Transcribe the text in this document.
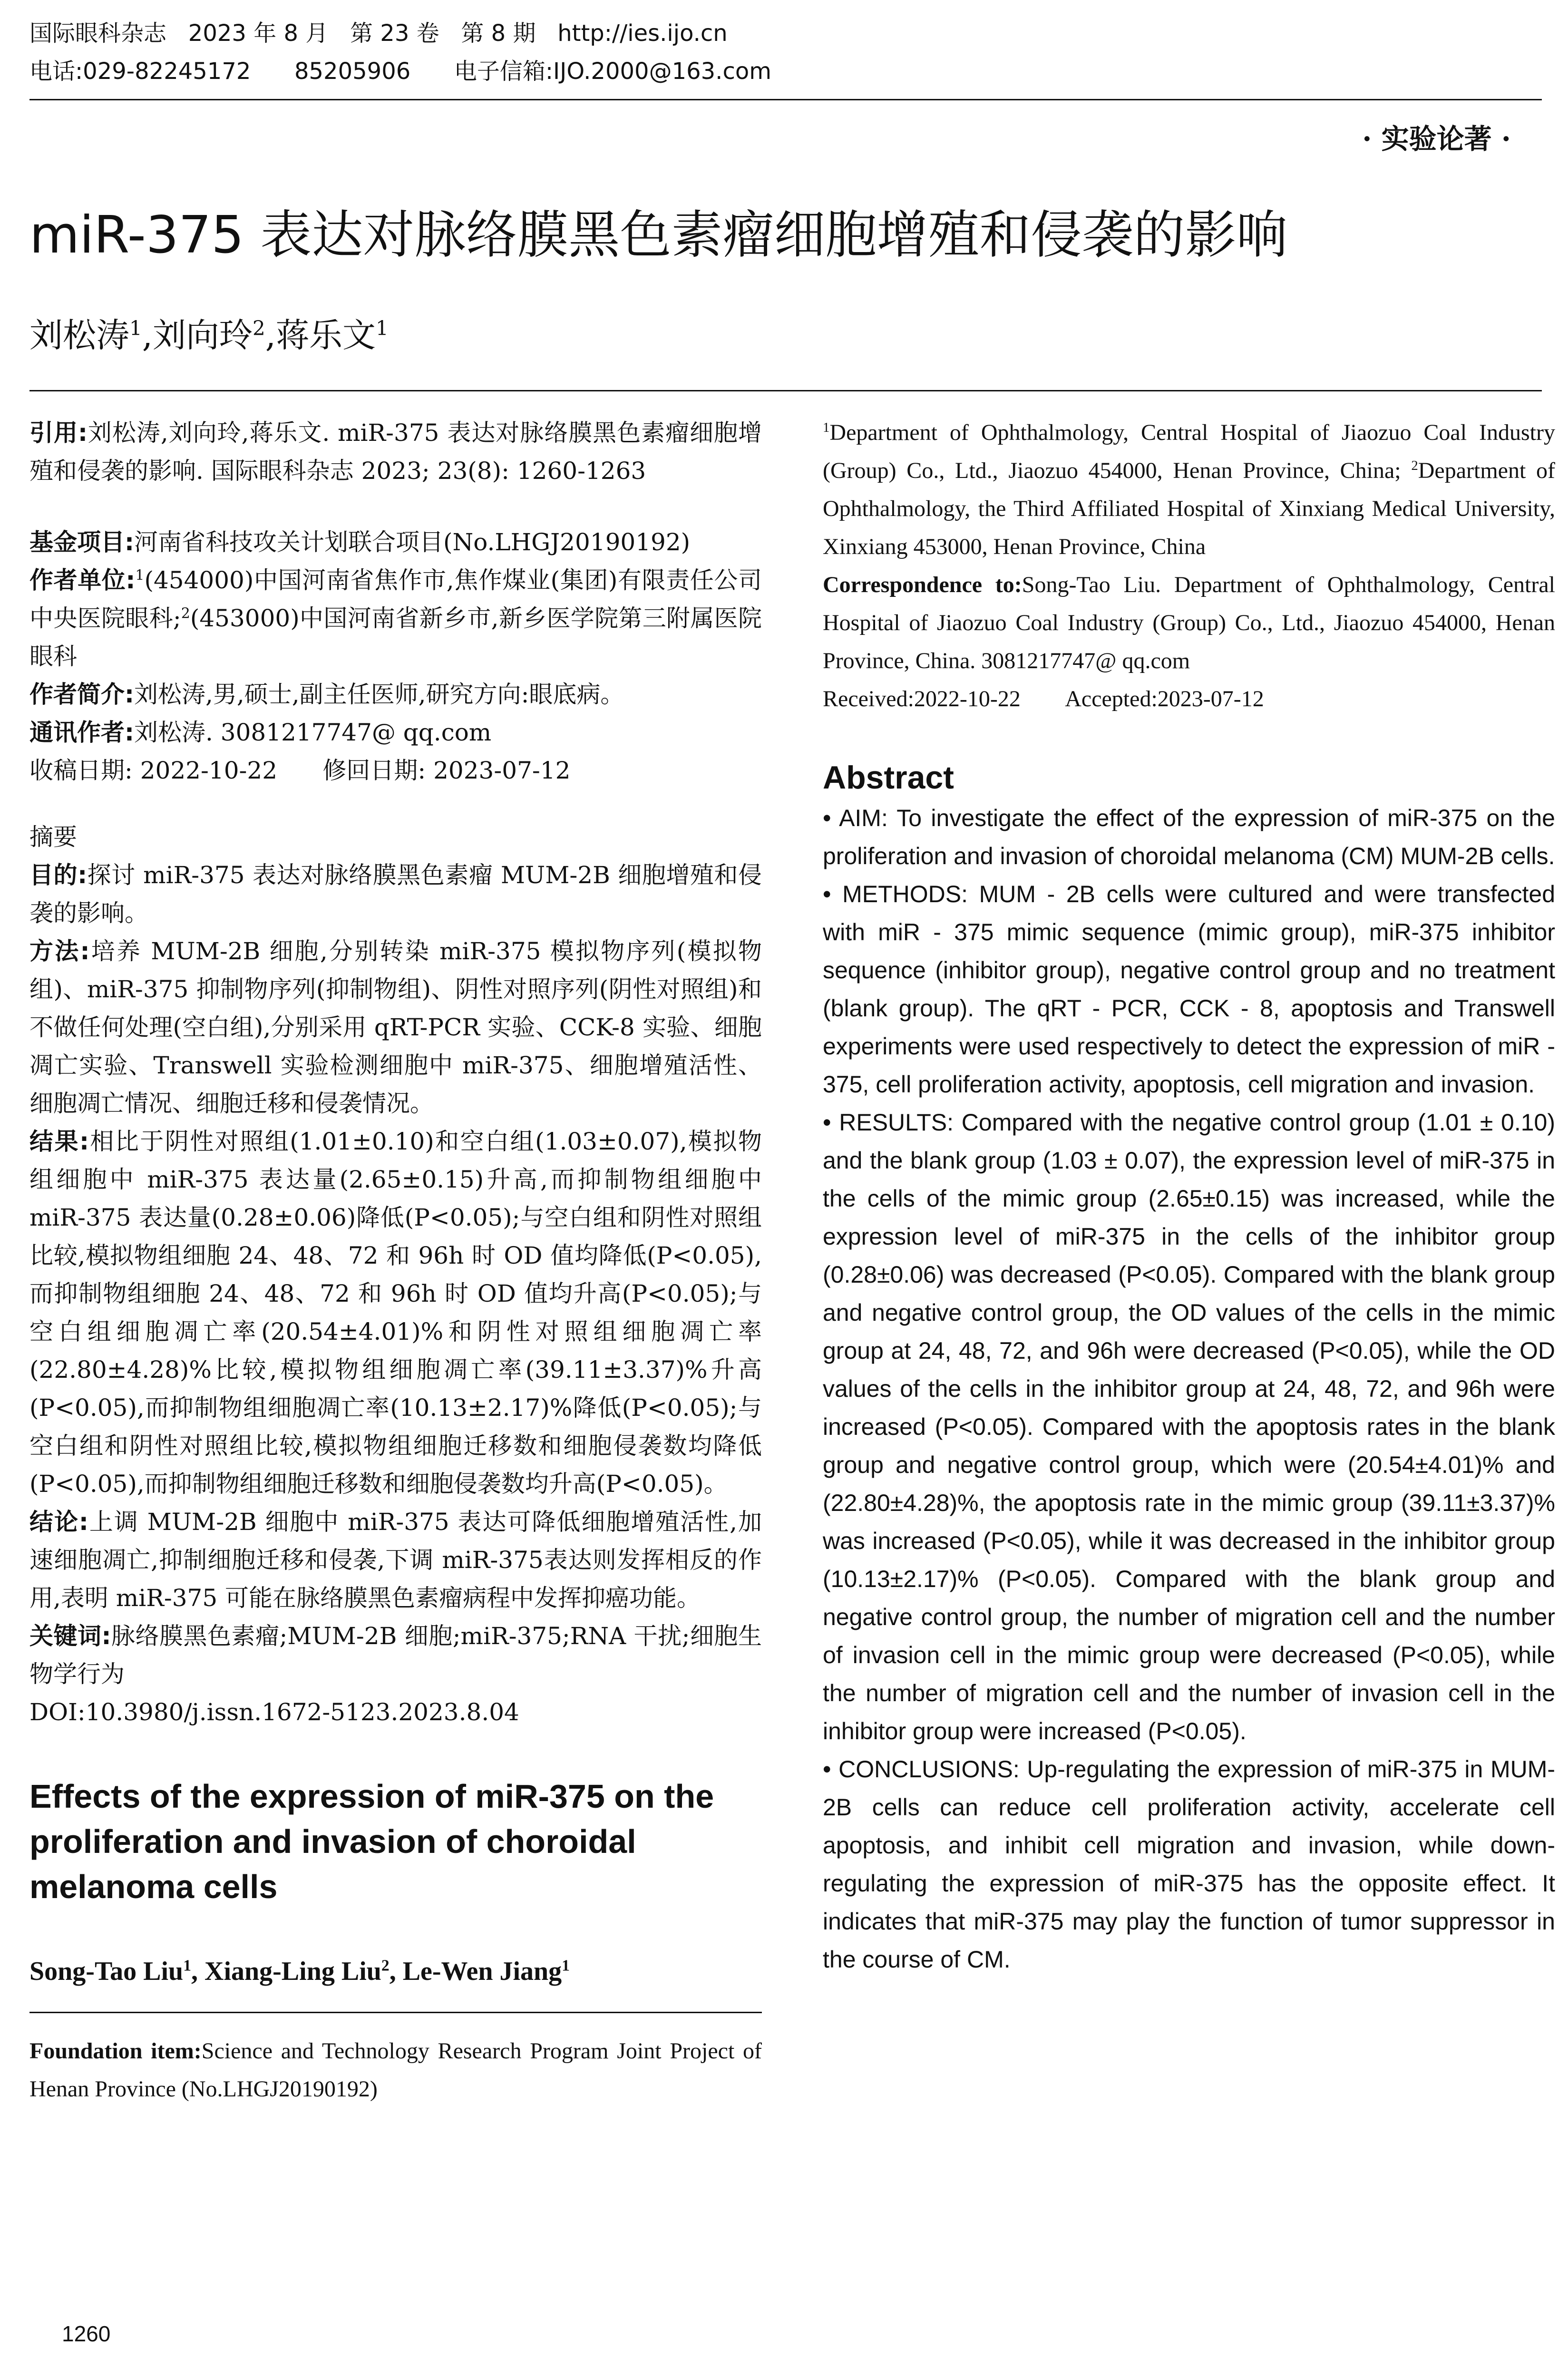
国际眼科杂志   2023 年 8 月   第 23 卷   第 8 期   http://ies.ijo.cn
电话:029-82245172      85205906      电子信箱:IJO.2000@163.com
· 实验论著 ·
miR-375 表达对脉络膜黑色素瘤细胞增殖和侵袭的影响
刘松涛$^1$,刘向玲$^2$,蒋乐文$^1$

引用:刘松涛,刘向玲,蒋乐文. miR-375 表达对脉络膜黑色素瘤细胞增殖和侵袭的影响. 国际眼科杂志 2023; 23(8): 1260-1263

基金项目:河南省科技攻关计划联合项目(No.LHGJ20190192)

作者单位:$^1$(454000)中国河南省焦作市,焦作煤业(集团)有限责任公司中央医院眼科;$^2$(453000)中国河南省新乡市,新乡医学院第三附属医院眼科

作者简介:刘松涛,男,硕士,副主任医师,研究方向:眼底病。

通讯作者:刘松涛. 3081217747@ qq.com

收稿日期: 2022-10-22      修回日期: 2023-07-12

摘要

目的:探讨 miR-375 表达对脉络膜黑色素瘤 MUM-2B 细胞增殖和侵袭的影响。

方法:培养 MUM-2B 细胞,分别转染 miR-375 模拟物序列(模拟物组)、miR-375 抑制物序列(抑制物组)、阴性对照序列(阴性对照组)和不做任何处理(空白组),分别采用 qRT-PCR 实验、CCK-8 实验、细胞凋亡实验、Transwell 实验检测细胞中 miR-375、细胞增殖活性、细胞凋亡情况、细胞迁移和侵袭情况。

结果:相比于阴性对照组(1.01±0.10)和空白组(1.03±0.07),模拟物组细胞中 miR-375 表达量(2.65±0.15)升高,而抑制物组细胞中 miR-375 表达量(0.28±0.06)降低(P<0.05);与空白组和阴性对照组比较,模拟物组细胞 24、48、72 和 96h 时 OD 值均降低(P<0.05),而抑制物组细胞 24、48、72 和 96h 时 OD 值均升高(P<0.05);与空白组细胞凋亡率(20.54±4.01)%和阴性对照组细胞凋亡率(22.80±4.28)%比较,模拟物组细胞凋亡率(39.11±3.37)%升高(P<0.05),而抑制物组细胞凋亡率(10.13±2.17)%降低(P<0.05);与空白组和阴性对照组比较,模拟物组细胞迁移数和细胞侵袭数均降低(P<0.05),而抑制物组细胞迁移数和细胞侵袭数均升高(P<0.05)。

结论:上调 MUM-2B 细胞中 miR-375 表达可降低细胞增殖活性,加速细胞凋亡,抑制细胞迁移和侵袭,下调 miR-375表达则发挥相反的作用,表明 miR-375 可能在脉络膜黑色素瘤病程中发挥抑癌功能。

关键词:脉络膜黑色素瘤;MUM-2B 细胞;miR-375;RNA 干扰;细胞生物学行为

DOI:10.3980/j.issn.1672-5123.2023.8.04

Effects of the expression of miR-375 on the proliferation and invasion of choroidal melanoma cells

Song-Tao Liu$^1$, Xiang-Ling Liu$^2$, Le-Wen Jiang$^1$

Foundation item:Science and Technology Research Program Joint Project of Henan Province (No.LHGJ20190192)

1260

$^1$Department of Ophthalmology, Central Hospital of Jiaozuo Coal Industry (Group) Co., Ltd., Jiaozuo 454000, Henan Province, China; $^2$Department of Ophthalmology, the Third Affiliated Hospital of Xinxiang Medical University, Xinxiang 453000, Henan Province, China

Correspondence to:Song-Tao Liu. Department of Ophthalmology, Central Hospital of Jiaozuo Coal Industry (Group) Co., Ltd., Jiaozuo 454000, Henan Province, China. 3081217747@ qq.com

Received:2022-10-22        Accepted:2023-07-12

Abstract

• AIM: To investigate the effect of the expression of miR-375 on the proliferation and invasion of choroidal melanoma (CM) MUM-2B cells.

• METHODS: MUM - 2B cells were cultured and were transfected with miR - 375 mimic sequence (mimic group), miR-375 inhibitor sequence (inhibitor group), negative control group and no treatment (blank group). The qRT - PCR, CCK - 8, apoptosis and Transwell experiments were used respectively to detect the expression of miR - 375, cell proliferation activity, apoptosis, cell migration and invasion.

• RESULTS: Compared with the negative control group (1.01 ± 0.10) and the blank group (1.03 ± 0.07), the expression level of miR-375 in the cells of the mimic group (2.65±0.15) was increased, while the expression level of miR-375 in the cells of the inhibitor group (0.28±0.06) was decreased (P<0.05). Compared with the blank group and negative control group, the OD values of the cells in the mimic group at 24, 48, 72, and 96h were decreased (P<0.05), while the OD values of the cells in the inhibitor group at 24, 48, 72, and 96h were increased (P<0.05). Compared with the apoptosis rates in the blank group and negative control group, which were (20.54±4.01)% and (22.80±4.28)%, the apoptosis rate in the mimic group (39.11±3.37)% was increased (P<0.05), while it was decreased in the inhibitor group (10.13±2.17)% (P<0.05). Compared with the blank group and negative control group, the number of migration cell and the number of invasion cell in the mimic group were decreased (P<0.05), while the number of migration cell and the number of invasion cell in the inhibitor group were increased (P<0.05).

• CONCLUSIONS: Up-regulating the expression of miR-375 in MUM-2B cells can reduce cell proliferation activity, accelerate cell apoptosis, and inhibit cell migration and invasion, while down-regulating the expression of miR-375 has the opposite effect. It indicates that miR-375 may play the function of tumor suppressor in the course of CM.
